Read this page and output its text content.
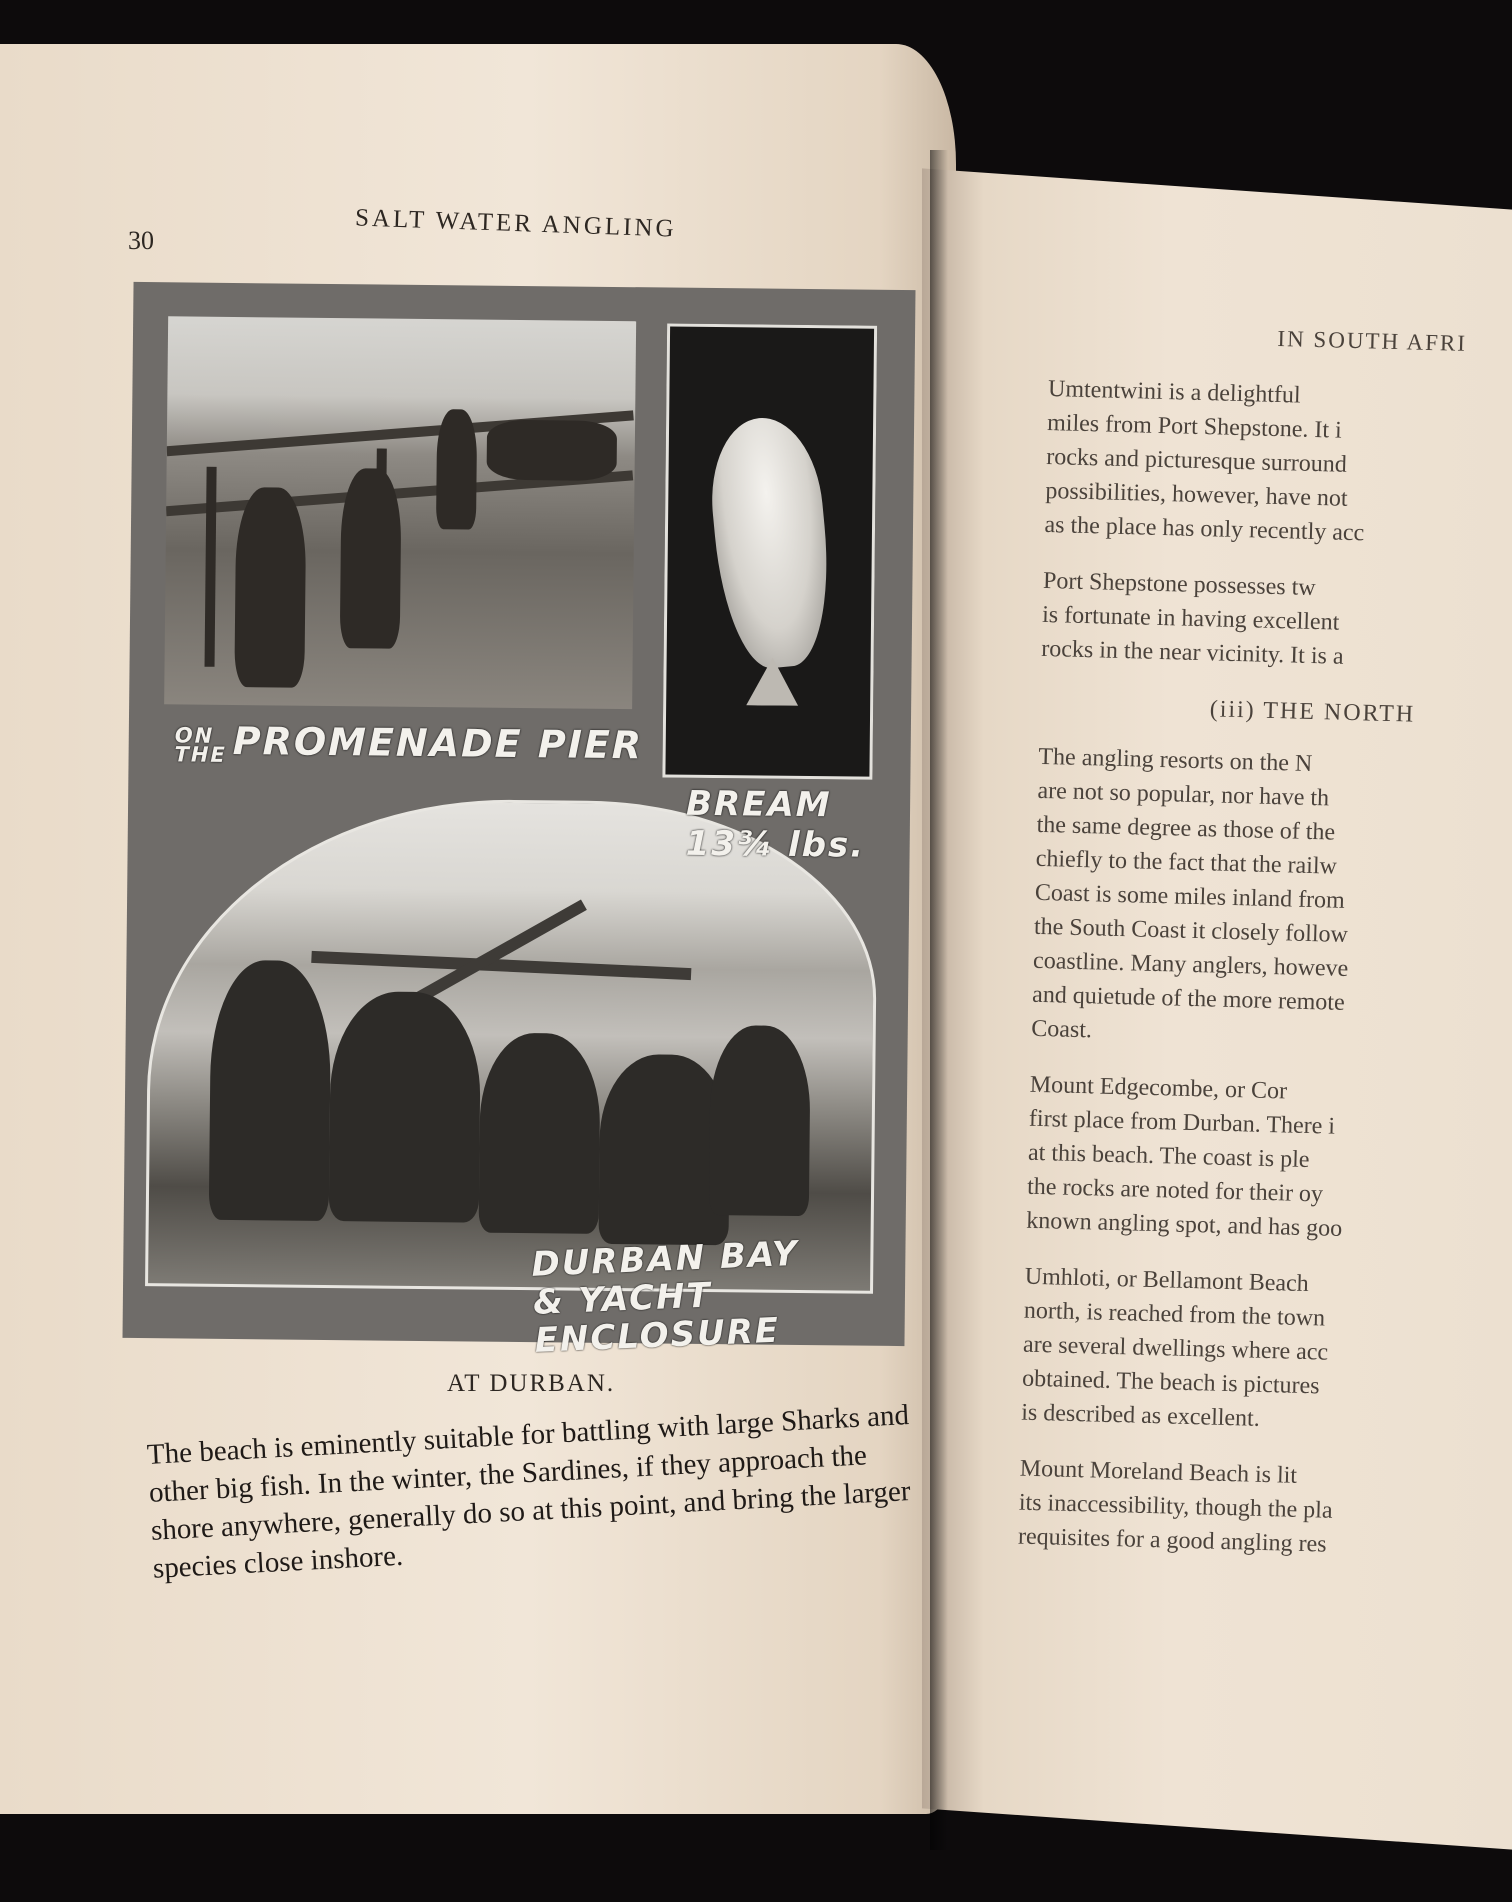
30	SALT WATER ANGLING
ON THE PROMENADE PIER
BREAM 13¾ lbs.
DURBAN BAY
& YACHT ENCLOSURE
AT DURBAN.
The beach is eminently suitable for battling with large Sharks and other big fish. In the winter, the Sardines, if they approach the shore anywhere, generally do so at this point, and bring the larger species close inshore.
IN SOUTH AFRI

Umtentwini is a delightful
miles from Port Shepstone. It i
rocks and picturesque surround
possibilities, however, have not
as the place has only recently acc

Port Shepstone possesses tw
is fortunate in having excellent
rocks in the near vicinity. It is a

(iii) THE NORTH

The angling resorts on the N
are not so popular, nor have th
the same degree as those of the
chiefly to the fact that the railw
Coast is some miles inland from
the South Coast it closely follow
coastline. Many anglers, howeve
and quietude of the more remote
Coast.

Mount Edgecombe, or Cor
first place from Durban. There i
at this beach. The coast is ple
the rocks are noted for their oy
known angling spot, and has goo

Umhloti, or Bellamont Beach
north, is reached from the town
are several dwellings where acc
obtained. The beach is pictures
is described as excellent.

Mount Moreland Beach is lit
its inaccessibility, though the pla
requisites for a good angling res
